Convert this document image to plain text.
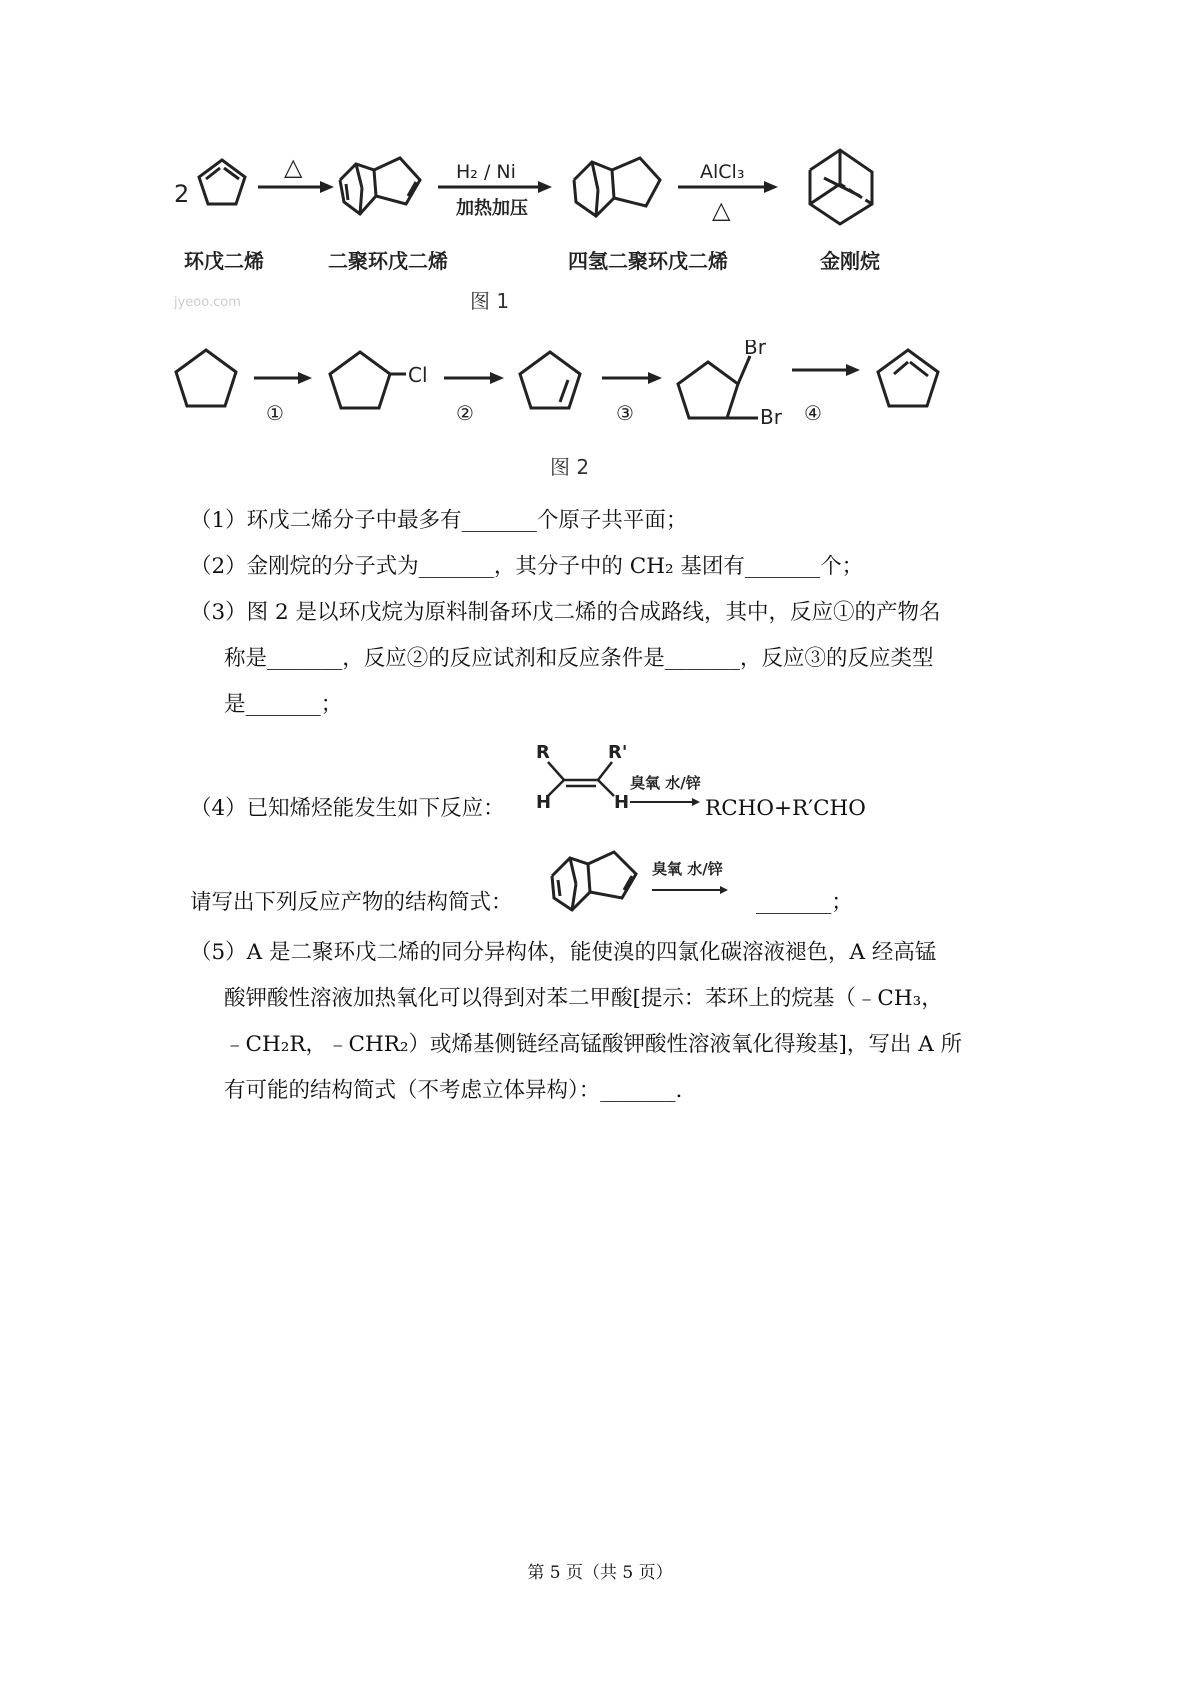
2
△	H₂ / Ni
加热加压
AlCl₃
△
环戊二烯	二聚环戊二烯	四氢二聚环戊二烯	金刚烷
图 1
jyeoo.com
①
Cl
②	③
Br
Br ④
图 2
（1）环戊二烯分子中最多有_______个原子共平面；
（2）金刚烷的分子式为_______，其分子中的 CH₂ 基团有_______个；
（3）图 2 是以环戊烷为原料制备环戊二烯的合成路线，其中，反应①的产物名
称是_______，反应②的反应试剂和反应条件是_______，反应③的反应类型
是_______；
（4）已知烯烃能发生如下反应：
R	R'
H	H
臭氧 水/锌
RCHO+R′CHO
请写出下列反应产物的结构简式：
臭氧 水/锌
_______；
（5）A 是二聚环戊二烯的同分异构体，能使溴的四氯化碳溶液褪色，A 经高锰
酸钾酸性溶液加热氧化可以得到对苯二甲酸[提示：苯环上的烷基（﹣CH₃，
﹣CH₂R，﹣CHR₂）或烯基侧链经高锰酸钾酸性溶液氧化得羧基]，写出 A 所
有可能的结构简式（不考虑立体异构）：_______.
第 5 页（共 5 页）
